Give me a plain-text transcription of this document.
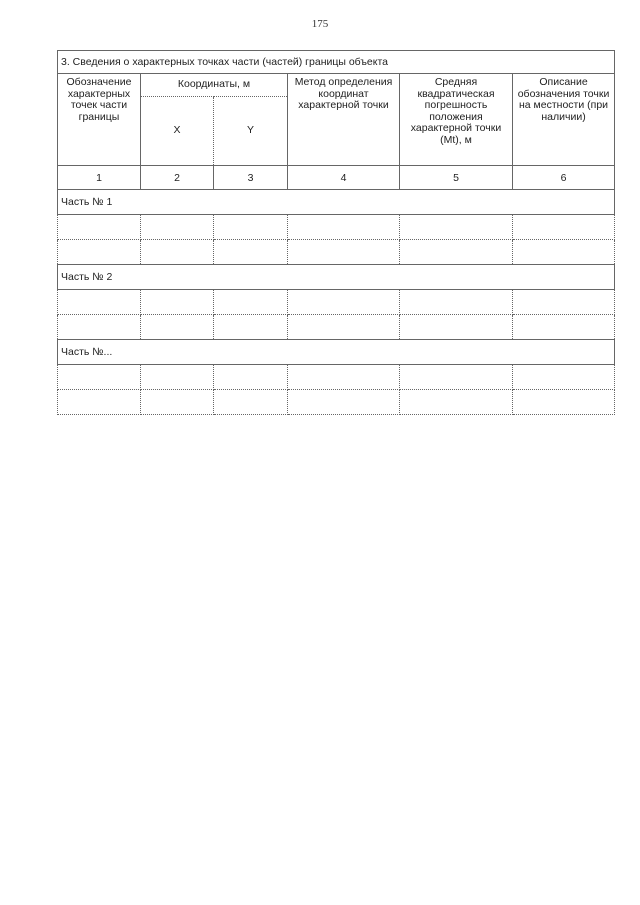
175
3. Сведения о характерных точках части (частей) границы объекта					
Обозначение характерных точек части границы	Координаты, м		Метод определения координат характерной точки	Средняя квадратическая погрешность положения характерной точки (Mt), м	Описание обозначения точки на местности (при наличии)
	X	Y			
1	2	3	4	5	6
Часть № 1					

Часть № 2					

Часть №...					
